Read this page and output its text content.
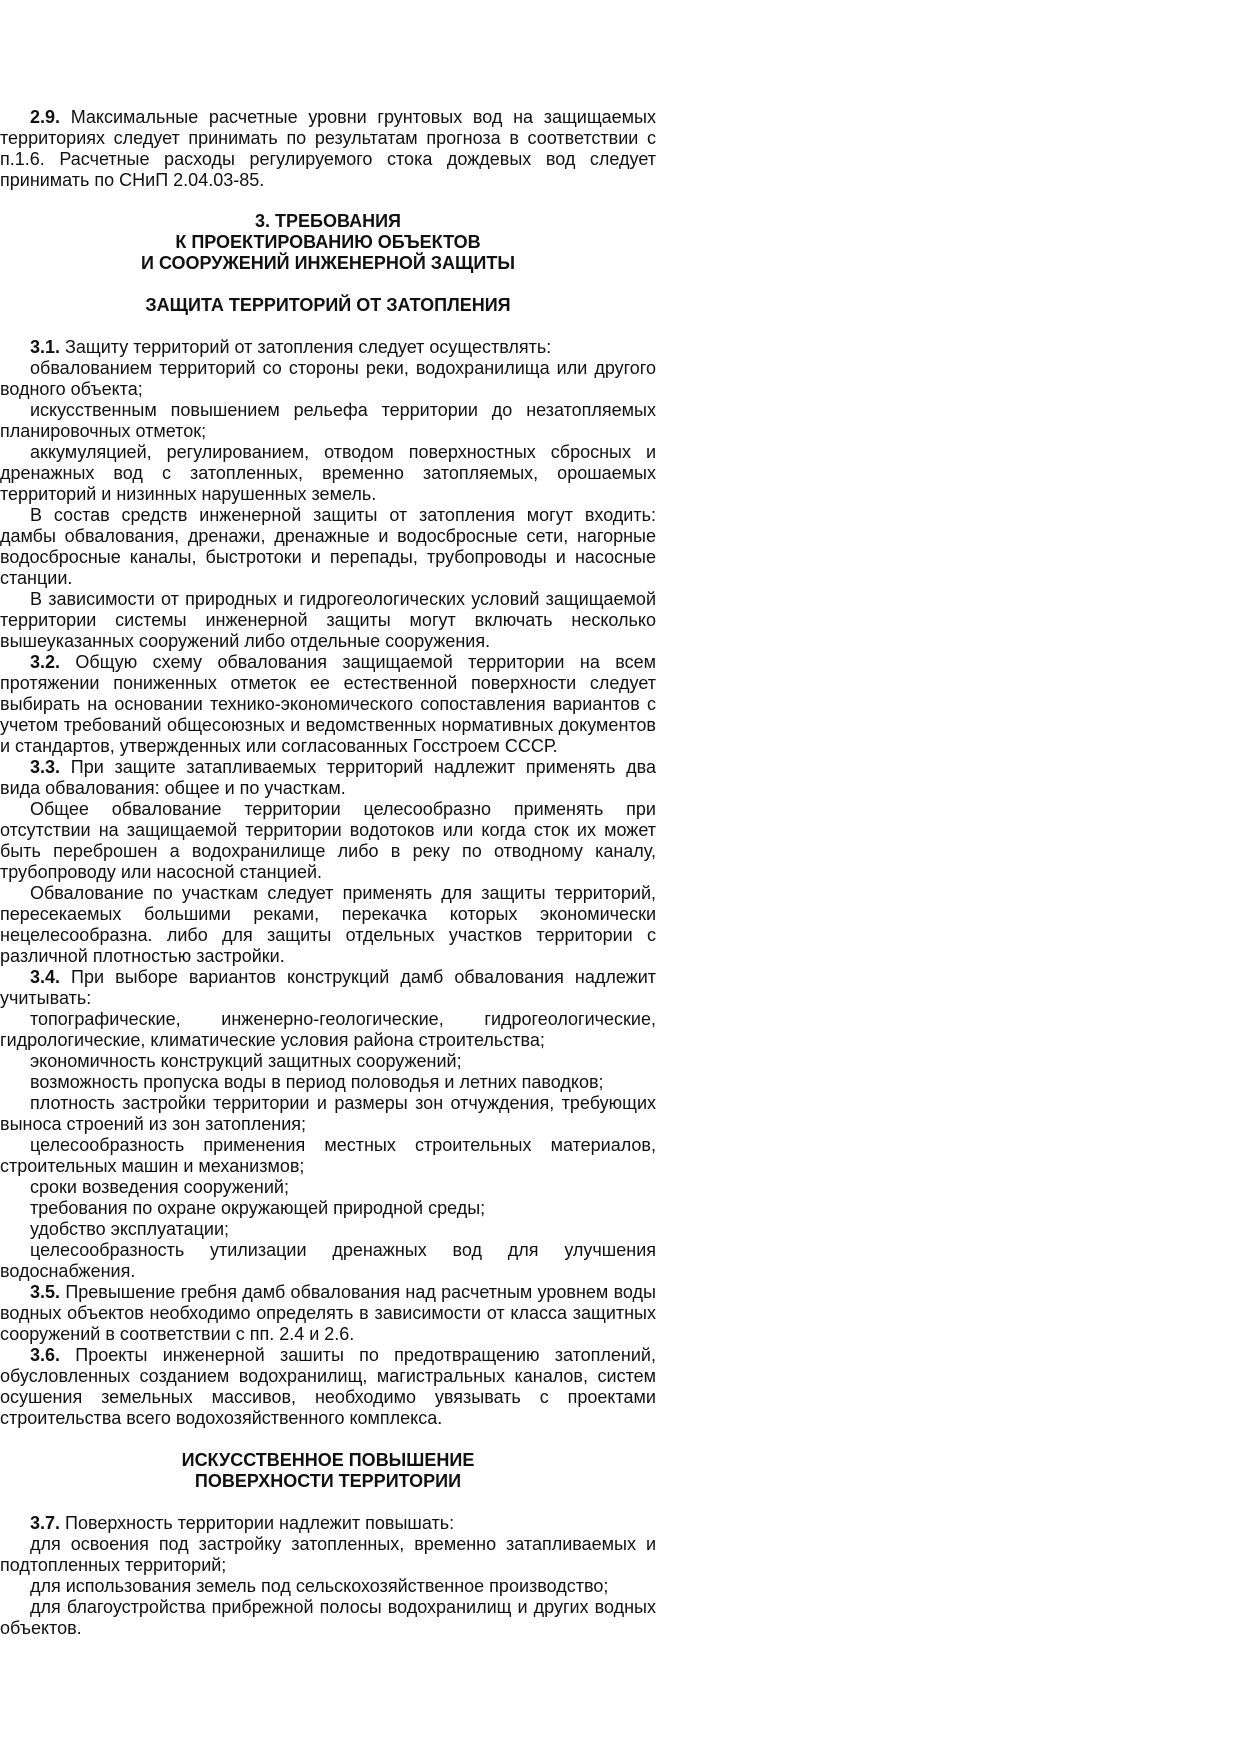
2.9. Максимальные расчетные уровни грунтовых вод на защищаемых территориях следует принимать по результатам прогноза в соответствии с п.1.6. Расчетные расходы регулируемого стока дождевых вод следует принимать по СНиП 2.04.03-85.

3. ТРЕБОВАНИЯ
К ПРОЕКТИРОВАНИЮ ОБЪЕКТОВ
И СООРУЖЕНИЙ ИНЖЕНЕРНОЙ ЗАЩИТЫ
ЗАЩИТА ТЕРРИТОРИЙ ОТ ЗАТОПЛЕНИЯ

3.1. Защиту территорий от затопления следует осуществлять:

обвалованием территорий со стороны реки, водохранилища или другого водного объекта;

искусственным повышением рельефа территории до незатопляемых планировочных отметок;

аккумуляцией, регулированием, отводом поверхностных сбросных и дренажных вод с затопленных, временно затопляемых, орошаемых территорий и низинных нарушенных земель.

В состав средств инженерной защиты от затопления могут входить: дамбы обвалования, дренажи, дренажные и водосбросные сети, нагорные водосбросные каналы, быстротоки и перепады, трубопроводы и насосные станции.

В зависимости от природных и гидрогеологических условий защищаемой территории системы инженерной защиты могут включать несколько вышеуказанных сооружений либо отдельные сооружения.

3.2. Общую схему обвалования защищаемой территории на всем протяжении пониженных отметок ее естественной поверхности следует выбирать на основании технико-экономического сопоставления вариантов с учетом требований общесоюзных и ведомственных нормативных документов и стандартов, утвержденных или согласованных Госстроем СССР.

3.3. При защите затапливаемых территорий надлежит применять два вида обвалования: общее и по участкам.

Общее обвалование территории целесообразно применять при отсутствии на защищаемой территории водотоков или когда сток их может быть переброшен а водохранилище либо в реку по отводному каналу, трубопроводу или насосной станцией.

Обвалование по участкам следует применять для защиты территорий, пересекаемых большими реками, перекачка которых экономически нецелесообразна. либо для защиты отдельных участков территории с различной плотностью застройки.

3.4. При выборе вариантов конструкций дамб обвалования надлежит учитывать:

топографические, инженерно-геологические, гидрогеологические, гидрологические, климатические условия района строительства;

экономичность конструкций защитных сооружений;

возможность пропуска воды в период половодья и летних паводков;

плотность застройки территории и размеры зон отчуждения, требующих выноса строений из зон затопления;

целесообразность применения местных строительных материалов, строительных машин и механизмов;

сроки возведения сооружений;

требования по охране окружающей природной среды;

удобство эксплуатации;

целесообразность утилизации дренажных вод для улучшения водоснабжения.

3.5. Превышение гребня дамб обвалования над расчетным уровнем воды водных объектов необходимо определять в зависимости от класса защитных сооружений в соответствии с пп. 2.4 и 2.6.

3.6. Проекты инженерной зашиты по предотвращению затоплений, обусловленных созданием водохранилищ, магистральных каналов, систем осушения земельных массивов, необходимо увязывать с проектами строительства всего водохозяйственного комплекса.

ИСКУССТВЕННОЕ ПОВЫШЕНИЕ
ПОВЕРХНОСТИ ТЕРРИТОРИИ

3.7. Поверхность территории надлежит повышать:

для освоения под застройку затопленных, временно затапливаемых и подтопленных территорий;

для использования земель под сельскохозяйственное производство;

для благоустройства прибрежной полосы водохранилищ и других водных объектов.
